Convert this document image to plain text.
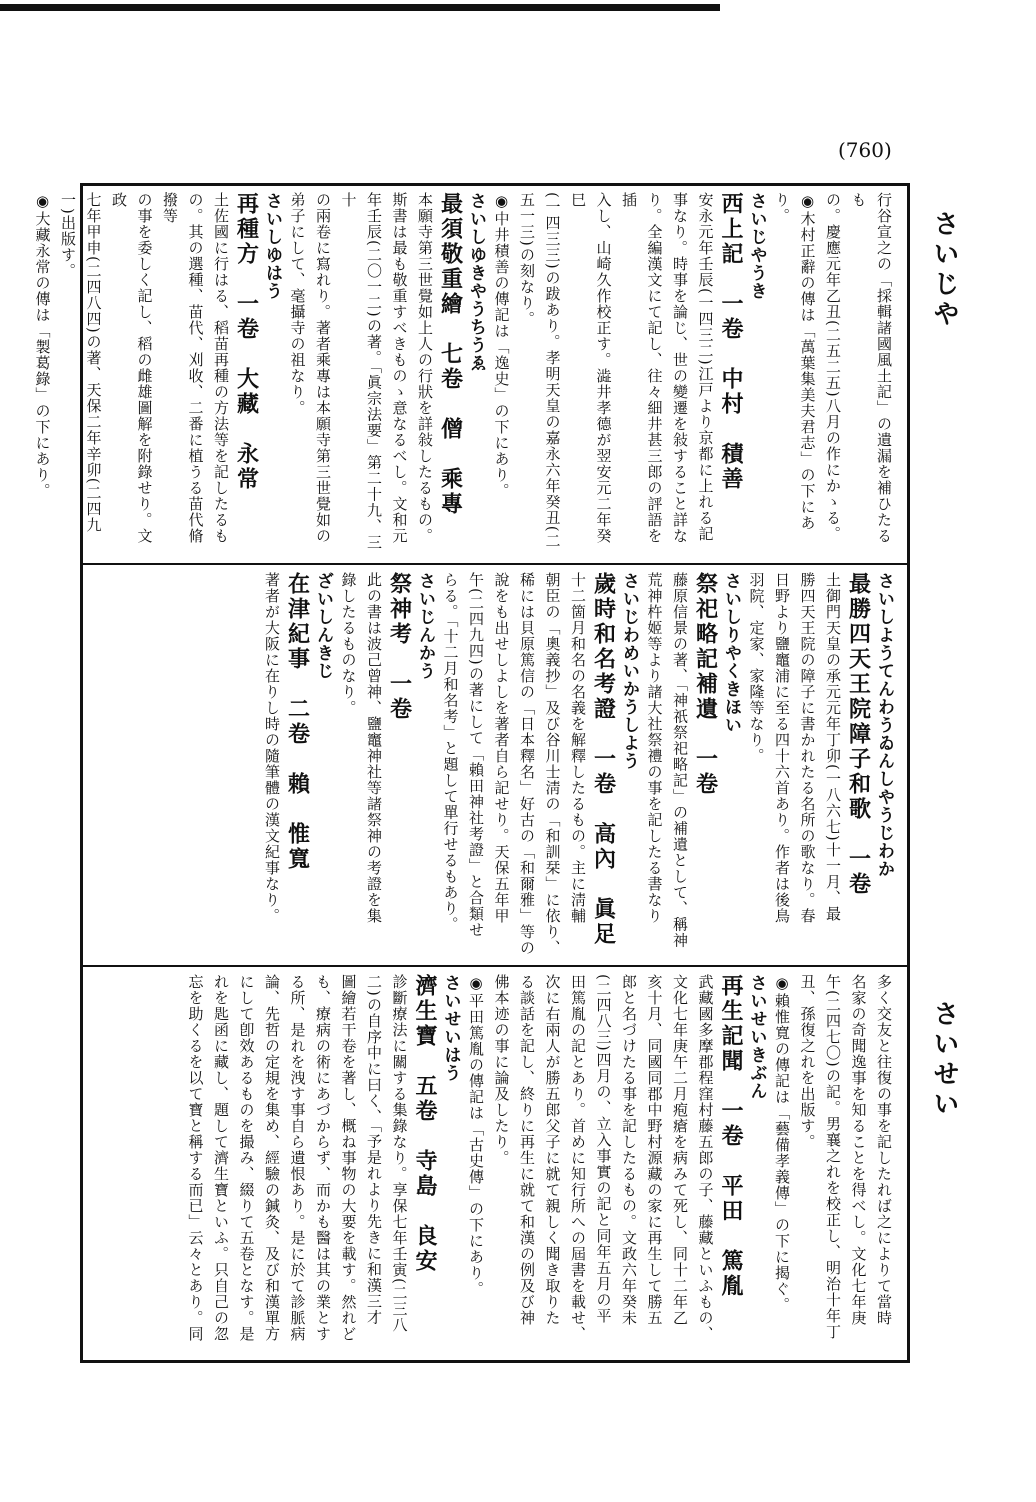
(760)
さいじや
さいせい

行谷宣之の「採輯諸國風土記」の遺漏を補ひたるも

の。慶應元年乙丑(二五二五)八月の作にかゝる。

◉木村正辭の傳は「萬葉集美夫君志」の下にあり。

さいじやうき

西上記　一卷　中村　積善

安永元年壬辰(一四三二)江戸より京都に上れる記

事なり。時事を論じ、世の變遷を敍すること詳な

り。全編漢文にて記し、往々細井甚三郎の評語を插

入し、山崎久作校正す。澁井孝德が翌安元二年癸巳

(一四三三)の跋あり。孝明天皇の嘉永六年癸丑(二

五一三)の刻なり。

◉中井積善の傳記は「逸史」の下にあり。

さいしゆきやうちうゑ

最須敬重繪　七卷　僧　乘專

本願寺第三世覺如上人の行狀を詳敍したるもの。

斯書は最も敬重すべきものゝ意なるべし。文和元

年壬辰(二〇一二)の著。「眞宗法要」第二十九、三十

の兩卷に寫れり。著者乘專は本願寺第三世覺如の

弟子にして、毫攝寺の祖なり。

さいしゆはう

再種方　一卷　大藏　永常

土佐國に行はる、稻苗再種の方法等を記したるも

の。其の選種、苗代、刈收、二番に植うる苗代脩撥等

の事を委しく記し、稻の雌雄圖解を附錄せり。文政

七年甲申(二四八四)の著、天保二年辛卯(二四九

一)出版す。

◉大藏永常の傳は「製葛錄」の下にあり。

さいしようてんわうゐんしやうじわか

最勝四天王院障子和歌　一卷

土御門天皇の承元元年丁卯(一八六七)十一月、最

勝四天王院の障子に書かれたる名所の歌なり。春

日野より鹽竈浦に至る四十六首あり。作者は後鳥

羽院、定家、家隆等なり。

さいしりやくきほい

祭祀略記補遺　一卷

藤原信景の著、「神祇祭祀略記」の補遺として、稱神

荒神杵姬等より諸大社祭禮の事を記したる書なり

さいじわめいかうしよう

歲時和名考證　一卷　高內　眞足

十二箇月和名の名義を解釋したるもの。主に淸輔

朝臣の「奧義抄」及び谷川士淸の「和訓栞」に依り、

稀には貝原篤信の「日本釋名」好古の「和爾雅」等の

說をも出せしよしを著者自ら記せり。天保五年甲

午(二四九四)の著にして「賴田神社考證」と合類せ

らる。「十二月和名考」と題して單行せるもあり。

さいじんかう

祭神考　一卷

此の書は波己曾神、鹽竈神社等諸祭神の考證を集

錄したるものなり。

ざいしんきじ

在津紀事　二卷　賴　惟寬

著者が大阪に在りし時の隨筆體の漢文紀事なり。

多く交友と往復の事を記したれば之によりて當時

名家の奇聞逸事を知ることを得べし。文化七年庚

午(二四七〇)の記。男襄之れを校正し、明治十年丁

丑、孫復之れを出版す。

◉賴惟寬の傳記は「藝備孝義傳」の下に揭ぐ。

さいせいきぶん

再生記聞　一卷　平田　篤胤

武藏國多摩郡程窪村藤五郎の子、藤藏といふもの、

文化七年庚午二月疱瘡を病みて死し、同十二年乙

亥十月、同國同郡中野村源藏の家に再生して勝五

郎と名づけたる事を記したるもの。文政六年癸未

(二四八三)四月の、立入事實の記と同年五月の平

田篤胤の記とあり。首めに知行所への屆書を載せ、

次に右兩人が勝五郎父子に就て親しく聞き取りた

る談話を記し、終りに再生に就て和漢の例及び神

佛本迹の事に論及したり。

◉平田篤胤の傳記は「古史傳」の下にあり。

さいせいはう

濟生寶　五卷　寺島　良安

診斷療法に關する集錄なり。享保七年壬寅(二三八

二)の自序中に曰く、「予是れより先きに和漢三才

圖繪若干卷を著し、概ね事物の大要を載す。然れど

も、療病の術にあづからず、而かも醫は其の業とす

る所、是れを洩す事自ら遺恨あり。是に於て診脈病

論、先哲の定規を集め、經驗の鍼灸、及び和漢單方

にして卽效あるものを撮み、綴りて五卷となす。是

れを匙函に藏し、題して濟生寶といふ。只自己の忽

忘を助くるを以て寶と稱する而已」云々とあり。同
